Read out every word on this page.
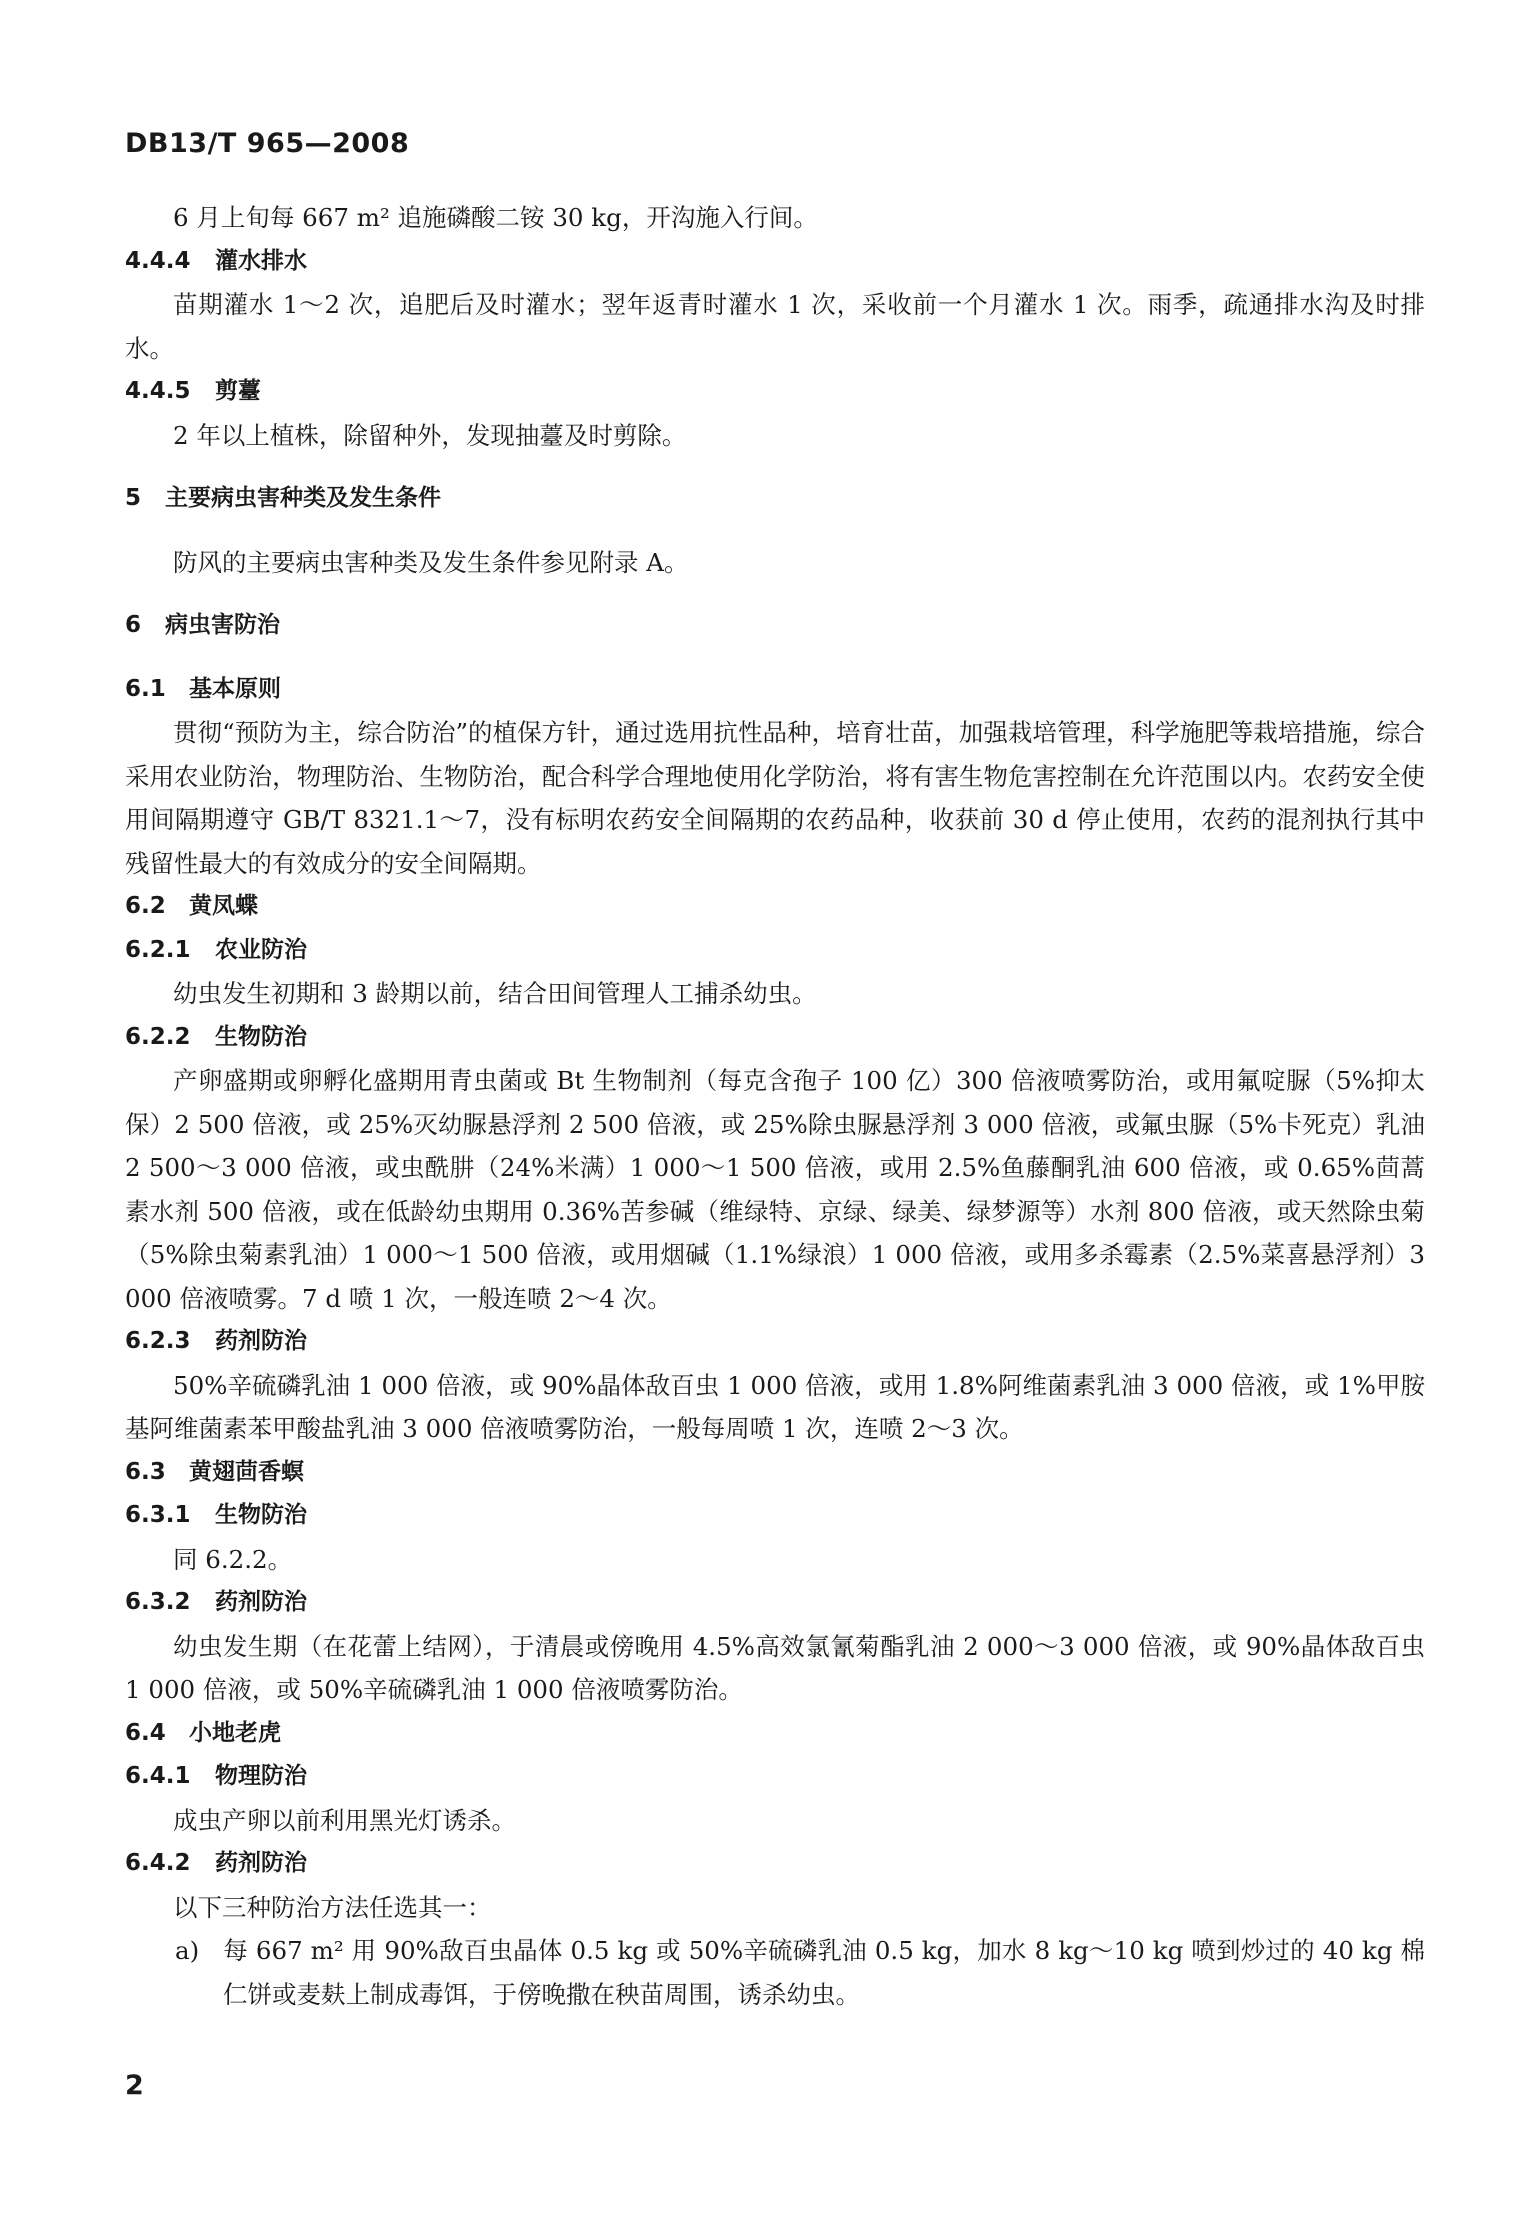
DB13/T 965—2008
6 月上旬每 667 m² 追施磷酸二铵 30 kg，开沟施入行间。
4.4.4 灌水排水
苗期灌水 1～2 次，追肥后及时灌水；翌年返青时灌水 1 次，采收前一个月灌水 1 次。雨季，疏通排水沟及时排水。
4.4.5 剪薹
2 年以上植株，除留种外，发现抽薹及时剪除。
5 主要病虫害种类及发生条件
防风的主要病虫害种类及发生条件参见附录 A。
6 病虫害防治
6.1 基本原则
贯彻“预防为主，综合防治”的植保方针，通过选用抗性品种，培育壮苗，加强栽培管理，科学施肥等栽培措施，综合采用农业防治，物理防治、生物防治，配合科学合理地使用化学防治，将有害生物危害控制在允许范围以内。农药安全使用间隔期遵守 GB/T 8321.1～7，没有标明农药安全间隔期的农药品种，收获前 30 d 停止使用，农药的混剂执行其中残留性最大的有效成分的安全间隔期。
6.2 黄凤蝶
6.2.1 农业防治
幼虫发生初期和 3 龄期以前，结合田间管理人工捕杀幼虫。
6.2.2 生物防治
产卵盛期或卵孵化盛期用青虫菌或 Bt 生物制剂（每克含孢子 100 亿）300 倍液喷雾防治，或用氟啶脲（5%抑太保）2 500 倍液，或 25%灭幼脲悬浮剂 2 500 倍液，或 25%除虫脲悬浮剂 3 000 倍液，或氟虫脲（5%卡死克）乳油 2 500～3 000 倍液，或虫酰肼（24%米满）1 000～1 500 倍液，或用 2.5%鱼藤酮乳油 600 倍液，或 0.65%茴蒿素水剂 500 倍液，或在低龄幼虫期用 0.36%苦参碱（维绿特、京绿、绿美、绿梦源等）水剂 800 倍液，或天然除虫菊（5%除虫菊素乳油）1 000～1 500 倍液，或用烟碱（1.1%绿浪）1 000 倍液，或用多杀霉素（2.5%菜喜悬浮剂）3 000 倍液喷雾。7 d 喷 1 次，一般连喷 2～4 次。
6.2.3 药剂防治
50%辛硫磷乳油 1 000 倍液，或 90%晶体敌百虫 1 000 倍液，或用 1.8%阿维菌素乳油 3 000 倍液，或 1%甲胺基阿维菌素苯甲酸盐乳油 3 000 倍液喷雾防治，一般每周喷 1 次，连喷 2～3 次。
6.3 黄翅茴香螟
6.3.1 生物防治
同 6.2.2。
6.3.2 药剂防治
幼虫发生期（在花蕾上结网），于清晨或傍晚用 4.5%高效氯氰菊酯乳油 2 000～3 000 倍液，或 90%晶体敌百虫 1 000 倍液，或 50%辛硫磷乳油 1 000 倍液喷雾防治。
6.4 小地老虎
6.4.1 物理防治
成虫产卵以前利用黑光灯诱杀。
6.4.2 药剂防治
以下三种防治方法任选其一：
a) 每 667 m² 用 90%敌百虫晶体 0.5 kg 或 50%辛硫磷乳油 0.5 kg，加水 8 kg～10 kg 喷到炒过的 40 kg 棉仁饼或麦麸上制成毒饵，于傍晚撒在秧苗周围，诱杀幼虫。
2
